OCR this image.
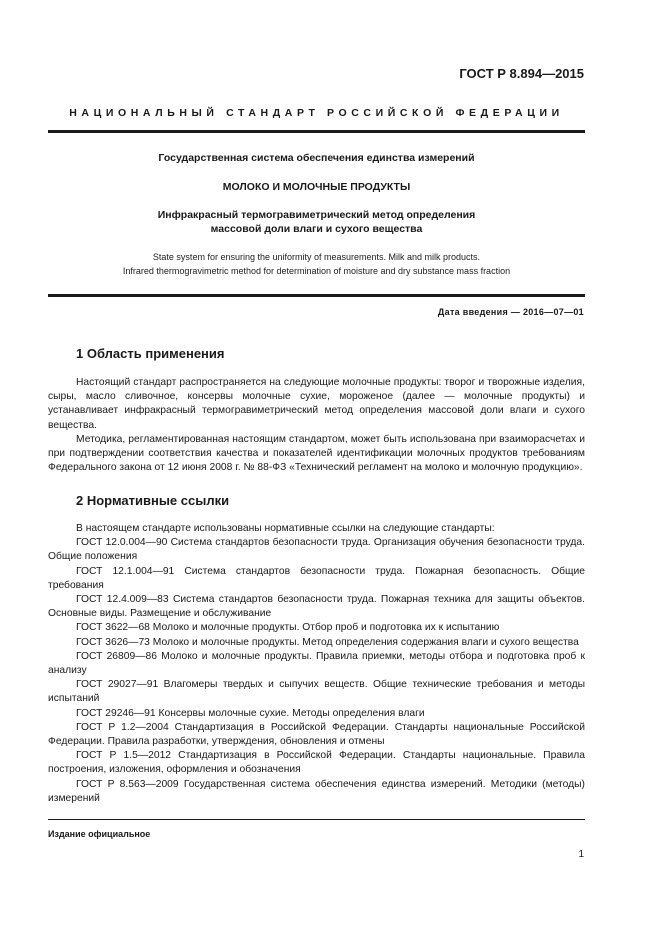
ГОСТ Р 8.894—2015
НАЦИОНАЛЬНЫЙ СТАНДАРТ РОССИЙСКОЙ ФЕДЕРАЦИИ
Государственная система обеспечения единства измерений
МОЛОКО И МОЛОЧНЫЕ ПРОДУКТЫ
Инфракрасный термогравиметрический метод определения
массовой доли влаги и сухого вещества
State system for ensuring the uniformity of measurements. Milk and milk products.
Infrared thermogravimetric method for determination of moisture and dry substance mass fraction
Дата введения — 2016—07—01
1 Область применения

Настоящий стандарт распространяется на следующие молочные продукты: творог и творожные изделия, сыры, масло сливочное, консервы молочные сухие, мороженое (далее — молочные продукты) и устанавливает инфракрасный термогравиметрический метод определения массовой доли влаги и сухого вещества.

Методика, регламентированная настоящим стандартом, может быть использована при взаиморасчетах и при подтверждении соответствия качества и показателей идентификации молочных продуктов требованиям Федерального закона от 12 июня 2008 г. № 88-ФЗ «Технический регламент на молоко и молочную продукцию».

2 Нормативные ссылки

В настоящем стандарте использованы нормативные ссылки на следующие стандарты:

ГОСТ 12.0.004—90 Система стандартов безопасности труда. Организация обучения безопасности труда. Общие положения

ГОСТ 12.1.004—91 Система стандартов безопасности труда. Пожарная безопасность. Общие требования

ГОСТ 12.4.009—83 Система стандартов безопасности труда. Пожарная техника для защиты объектов. Основные виды. Размещение и обслуживание

ГОСТ 3622—68 Молоко и молочные продукты. Отбор проб и подготовка их к испытанию

ГОСТ 3626—73 Молоко и молочные продукты. Метод определения содержания влаги и сухого вещества

ГОСТ 26809—86 Молоко и молочные продукты. Правила приемки, методы отбора и подготовка проб к анализу

ГОСТ 29027—91 Влагомеры твердых и сыпучих веществ. Общие технические требования и методы испытаний

ГОСТ 29246—91 Консервы молочные сухие. Методы определения влаги

ГОСТ Р 1.2—2004 Стандартизация в Российской Федерации. Стандарты национальные Российской Федерации. Правила разработки, утверждения, обновления и отмены

ГОСТ Р 1.5—2012 Стандартизация в Российской Федерации. Стандарты национальные. Правила построения, изложения, оформления и обозначения

ГОСТ Р 8.563—2009 Государственная система обеспечения единства измерений. Методики (методы) измерений

Издание официальное
1
